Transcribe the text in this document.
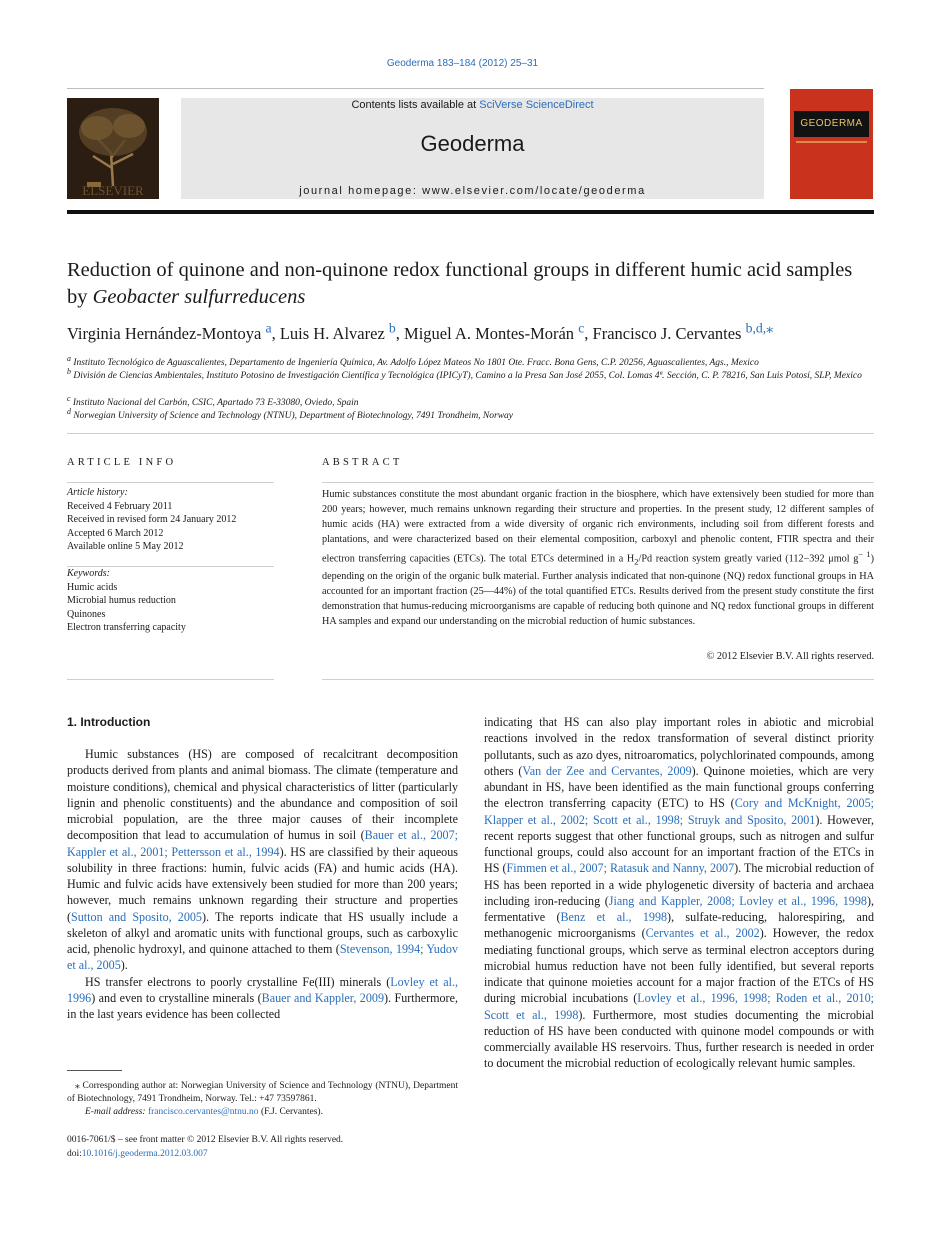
Geoderma 183–184 (2012) 25–31
ELSEVIER
Contents lists available at SciVerse ScienceDirect
Geoderma
journal homepage: www.elsevier.com/locate/geoderma
GEODERMA
Reduction of quinone and non-quinone redox functional groups in different humic acid samples by Geobacter sulfurreducens
Virginia Hernández-Montoya $^a$, Luis H. Alvarez $^b$, Miguel A. Montes-Morán $^c$, Francisco J. Cervantes $^{b,d,⁎}$
$^a$ Instituto Tecnológico de Aguascalientes, Departamento de Ingeniería Química, Av. Adolfo López Mateos No 1801 Ote. Fracc. Bona Gens, C.P. 20256, Aguascalientes, Ags., Mexico
$^b$ División de Ciencias Ambientales, Instituto Potosino de Investigación Científica y Tecnológica (IPICyT), Camino a la Presa San José 2055, Col. Lomas 4ª. Sección, C. P. 78216, San Luis Potosí, SLP, Mexico
$^c$ Instituto Nacional del Carbón, CSIC, Apartado 73 E-33080, Oviedo, Spain
$^d$ Norwegian University of Science and Technology (NTNU), Department of Biotechnology, 7491 Trondheim, Norway
ARTICLE INFO
Article history:
Received 4 February 2011
Received in revised form 24 January 2012
Accepted 6 March 2012
Available online 5 May 2012
Keywords:
Humic acids
Microbial humus reduction
Quinones
Electron transferring capacity
ABSTRACT
Humic substances constitute the most abundant organic fraction in the biosphere, which have extensively been studied for more than 200 years; however, much remains unknown regarding their structure and properties. In the present study, 12 different samples of humic acids (HA) were extracted from a wide diversity of organic rich environments, including soil from different forests and plantations, and were characterized based on their elemental composition, carboxyl and phenolic content, FTIR spectra and their electron transferring capacities (ETCs). The total ETCs determined in a $H_2/Pd$ reaction system greatly varied (112−392 μmol $g^{- 1}$) depending on the origin of the organic bulk material. Further analysis indicated that non-quinone (NQ) redox functional groups in HA accounted for an important fraction (25—44%) of the total quantified ETCs. Results derived from the present study constitute the first demonstration that humus-reducing microorganisms are capable of reducing both quinone and NQ redox functional groups in different HA samples and expand our understanding on the microbial reduction of humic substances.
© 2012 Elsevier B.V. All rights reserved.
1. Introduction

Humic substances (HS) are composed of recalcitrant decomposition products derived from plants and animal biomass. The climate (temperature and moisture conditions), chemical and physical characteristics of litter (particularly lignin and phenolic constituents) and the abundance and composition of soil microbial population, are the three major causes of their incomplete decomposition that lead to accumulation of humus in soil (Bauer et al., 2007; Kappler et al., 2001; Pettersson et al., 1994). HS are classified by their aqueous solubility in three fractions: humin, fulvic acids (FA) and humic acids (HA). Humic and fulvic acids have extensively been studied for more than 200 years; however, much remains unknown regarding their structure and properties (Sutton and Sposito, 2005). The reports indicate that HS usually include a skeleton of alkyl and aromatic units with functional groups, such as carboxylic acid, phenolic hydroxyl, and quinone attached to them (Stevenson, 1994; Yudov et al., 2005).

HS transfer electrons to poorly crystalline Fe(III) minerals (Lovley et al., 1996) and even to crystalline minerals (Bauer and Kappler, 2009). Furthermore, in the last years evidence has been collected

indicating that HS can also play important roles in abiotic and microbial reactions involved in the redox transformation of several distinct priority pollutants, such as azo dyes, nitroaromatics, polychlorinated compounds, among others (Van der Zee and Cervantes, 2009). Quinone moieties, which are very abundant in HS, have been identified as the main functional groups conferring the electron transferring capacity (ETC) to HS (Cory and McKnight, 2005; Klapper et al., 2002; Scott et al., 1998; Struyk and Sposito, 2001). However, recent reports suggest that other functional groups, such as nitrogen and sulfur functional groups, could also account for an important fraction of the ETCs in HS (Fimmen et al., 2007; Ratasuk and Nanny, 2007). The microbial reduction of HS has been reported in a wide phylogenetic diversity of bacteria and archaea including iron-reducing (Jiang and Kappler, 2008; Lovley et al., 1996, 1998), fermentative (Benz et al., 1998), sulfate-reducing, halorespiring, and methanogenic microorganisms (Cervantes et al., 2002). However, the redox mediating functional groups, which serve as terminal electron acceptors during microbial humus reduction have not been fully identified, but several reports indicate that quinone moieties account for a major fraction of the ETCs of HS during microbial incubations (Lovley et al., 1996, 1998; Roden et al., 2010; Scott et al., 1998). Furthermore, most studies documenting the microbial reduction of HS have been conducted with quinone model compounds or with commercially available HS reservoirs. Thus, further research is needed in order to document the microbial reduction of ecologically relevant humic samples.

⁎ Corresponding author at: Norwegian University of Science and Technology (NTNU), Department of Biotechnology, 7491 Trondheim, Norway. Tel.: +47 73597861.
E-mail address: francisco.cervantes@ntnu.no (F.J. Cervantes).
0016-7061/$ – see front matter © 2012 Elsevier B.V. All rights reserved.
doi:10.1016/j.geoderma.2012.03.007
